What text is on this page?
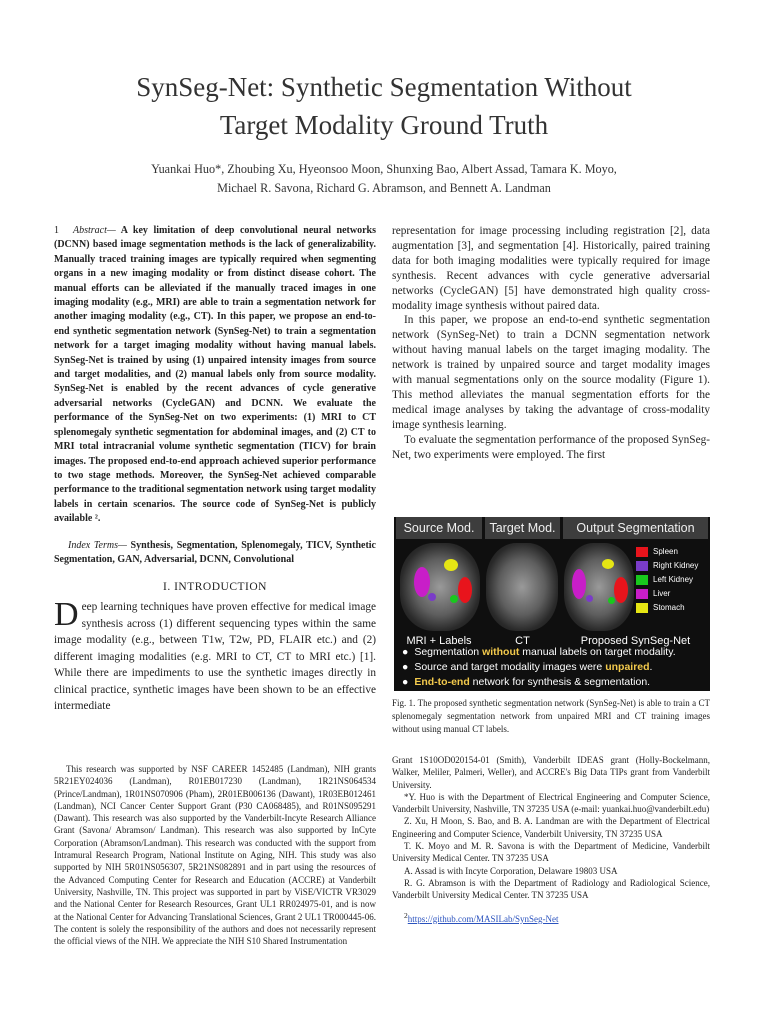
SynSeg-Net: Synthetic Segmentation Without
Target Modality Ground Truth
Yuankai Huo*, Zhoubing Xu, Hyeonsoo Moon, Shunxing Bao, Albert Assad, Tamara K. Moyo,
Michael R. Savona, Richard G. Abramson, and Bennett A. Landman

1 Abstract— A key limitation of deep convolutional neural networks (DCNN) based image segmentation methods is the lack of generalizability. Manually traced training images are typically required when segmenting organs in a new imaging modality or from distinct disease cohort. The manual efforts can be alleviated if the manually traced images in one imaging modality (e.g., MRI) are able to train a segmentation network for another imaging modality (e.g., CT). In this paper, we propose an end-to-end synthetic segmentation network (SynSeg-Net) to train a segmentation network for a target imaging modality without having manual labels. SynSeg-Net is trained by using (1) unpaired intensity images from source and target modalities, and (2) manual labels only from source modality. SynSeg-Net is enabled by the recent advances of cycle generative adversarial networks (CycleGAN) and DCNN. We evaluate the performance of the SynSeg-Net on two experiments: (1) MRI to CT splenomegaly synthetic segmentation for abdominal images, and (2) CT to MRI total intracranial volume synthetic segmentation (TICV) for brain images. The proposed end-to-end approach achieved superior performance to two stage methods. Moreover, the SynSeg-Net achieved comparable performance to the traditional segmentation network using target modality labels in certain scenarios. The source code of SynSeg-Net is publicly available ².

Index Terms— Synthesis, Segmentation, Splenomegaly, TICV, Synthetic Segmentation, GAN, Adversarial, DCNN, Convolutional

I. INTRODUCTION

Deep learning techniques have proven effective for medical image synthesis across (1) different sequencing types within the same image modality (e.g., between T1w, T2w, PD, FLAIR etc.) and (2) different imaging modalities (e.g. MRI to CT, CT to MRI etc.) [1]. While there are impediments to use the synthetic images directly in clinical practice, synthetic images have been shown to be an effective intermediate

representation for image processing including registration [2], data augmentation [3], and segmentation [4]. Historically, paired training data for both imaging modalities were typically required for image synthesis. Recent advances with cycle generative adversarial networks (CycleGAN) [5] have demonstrated high quality cross-modality image synthesis without paired data.

In this paper, we propose an end-to-end synthetic segmentation network (SynSeg-Net) to train a DCNN segmentation network without having manual labels on the target imaging modality. The network is trained by unpaired source and target modality images with manual segmentations only on the source modality (Figure 1). This method alleviates the manual segmentation efforts for the medical image analyses by taking the advantage of cross-modality image synthesis learning.

To evaluate the segmentation performance of the proposed SynSeg-Net, two experiments were employed. The first

Source Mod.	Target Mod.	Output Segmentation
Spleen
Right Kidney
Left Kidney
Liver
Stomach
MRI + Labels	CT	Proposed SynSeg-Net
● Segmentation without manual labels on target modality.
● Source and target modality images were unpaired.
● End-to-end network for synthesis & segmentation.
Fig. 1. The proposed synthetic segmentation network (SynSeg-Net) is able to train a CT splenomegaly segmentation network from unpaired MRI and CT training images without using manual CT labels.

This research was supported by NSF CAREER 1452485 (Landman), NIH grants 5R21EY024036 (Landman), R01EB017230 (Landman), 1R21NS064534 (Prince/Landman), 1R01NS070906 (Pham), 2R01EB006136 (Dawant), 1R03EB012461 (Landman), NCI Cancer Center Support Grant (P30 CA068485), and R01NS095291 (Dawant). This research was also supported by the Vanderbilt-Incyte Research Alliance Grant (Savona/ Abramson/ Landman). This research was also supported by InCyte Corporation (Abramson/Landman). This research was conducted with the support from Intramural Research Program, National Institute on Aging, NIH. This study was also supported by NIH 5R01NS056307, 5R21NS082891 and in part using the resources of the Advanced Computing Center for Research and Education (ACCRE) at Vanderbilt University, Nashville, TN. This project was supported in part by ViSE/VICTR VR3029 and the National Center for Research Resources, Grant UL1 RR024975-01, and is now at the National Center for Advancing Translational Sciences, Grant 2 UL1 TR000445-06. The content is solely the responsibility of the authors and does not necessarily represent the official views of the NIH. We appreciate the NIH S10 Shared Instrumentation

Grant 1S10OD020154-01 (Smith), Vanderbilt IDEAS grant (Holly-Bockelmann, Walker, Meliler, Palmeri, Weller), and ACCRE's Big Data TIPs grant from Vanderbilt University.

*Y. Huo is with the Department of Electrical Engineering and Computer Science, Vanderbilt University, Nashville, TN 37235 USA (e-mail: yuankai.huo@vanderbilt.edu)

Z. Xu, H Moon, S. Bao, and B. A. Landman are with the Department of Electrical Engineering and Computer Science, Vanderbilt University, TN 37235 USA

T. K. Moyo and M. R. Savona is with the Department of Medicine, Vanderbilt University Medical Center. TN 37235 USA

A. Assad is with Incyte Corporation, Delaware 19803 USA

R. G. Abramson is with the Department of Radiology and Radiological Science, Vanderbilt University Medical Center. TN 37235 USA

$^2$https://github.com/MASILab/SynSeg-Net
